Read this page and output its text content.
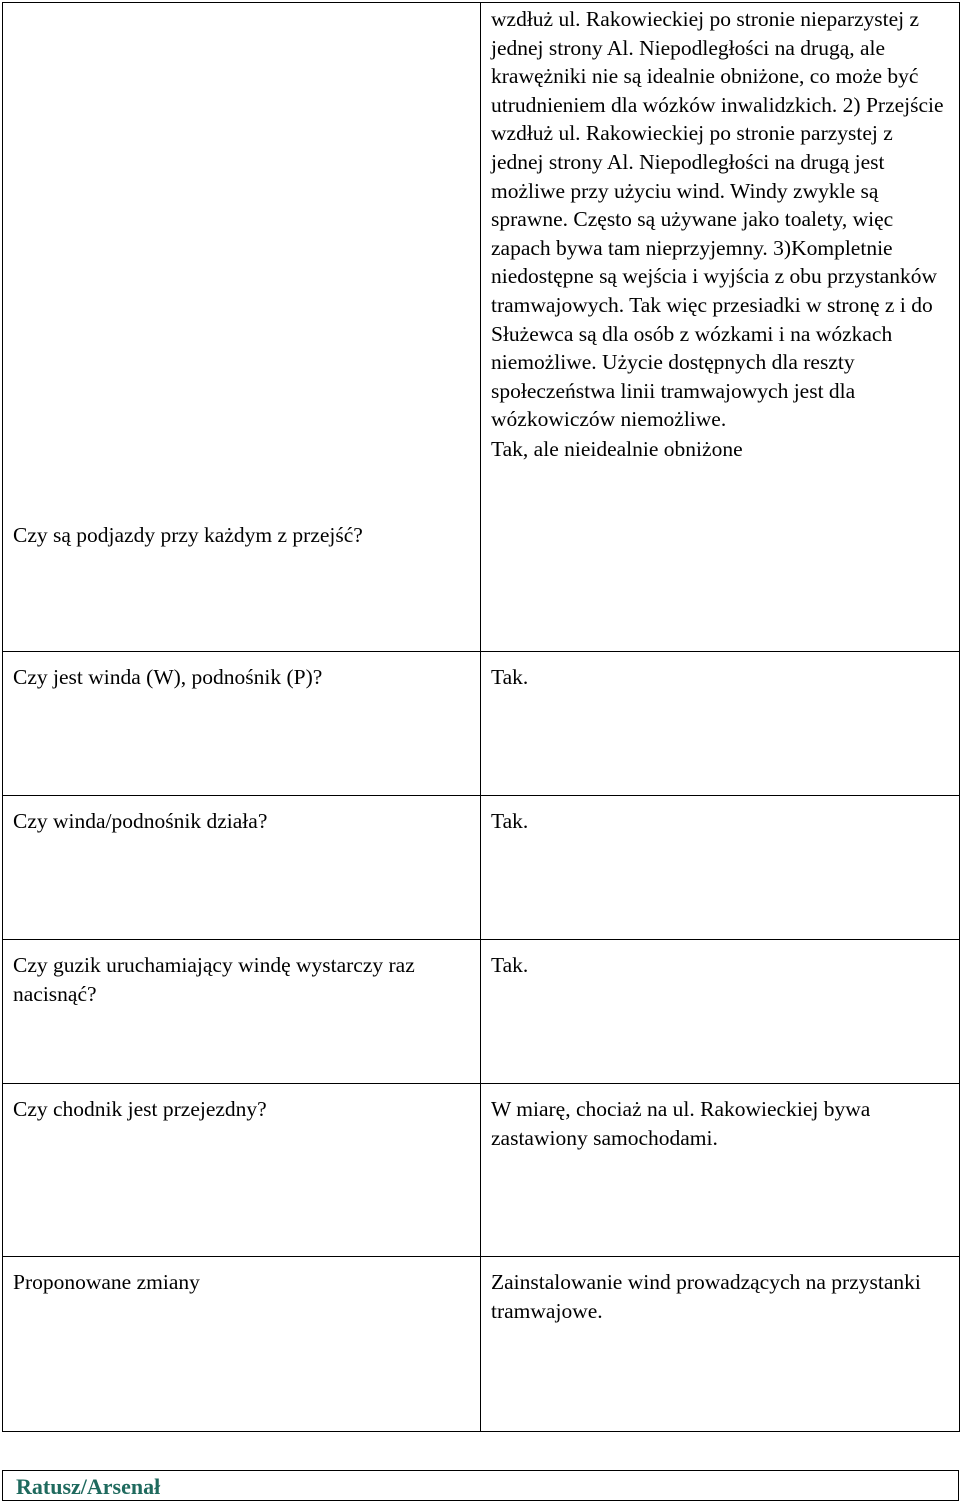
Czy są podjazdy przy każdym z przejść?	wzdłuż ul. Rakowieckiej po stronie nieparzystej z jednej strony Al. Niepodległości na drugą, ale krawężniki nie są idealnie obniżone, co może być utrudnieniem dla wózków inwalidzkich. 2) Przejście wzdłuż ul. Rakowieckiej po stronie parzystej z jednej strony Al. Niepodległości na drugą jest możliwe przy użyciu wind. Windy zwykle są sprawne. Często są używane jako toalety, więc zapach bywa tam nieprzyjemny. 3)Kompletnie niedostępne są wejścia i wyjścia z obu przystanków tramwajowych. Tak więc przesiadki w stronę z i do Służewca są dla osób z wózkami i na wózkach niemożliwe. Użycie dostępnych dla reszty społeczeństwa linii tramwajowych jest dla wózkowiczów niemożliwe.
Tak, ale nieidealnie obniżone

Czy jest winda (W), podnośnik (P)?	Tak.

Czy winda/podnośnik działa?	Tak.

Czy guzik uruchamiający windę wystarczy raz nacisnąć?	Tak.

Czy chodnik jest przejezdny?	W miarę, chociaż na ul. Rakowieckiej bywa zastawiony samochodami.

Proponowane zmiany	Zainstalowanie wind prowadzących na przystanki tramwajowe.
Ratusz/Arsenał
